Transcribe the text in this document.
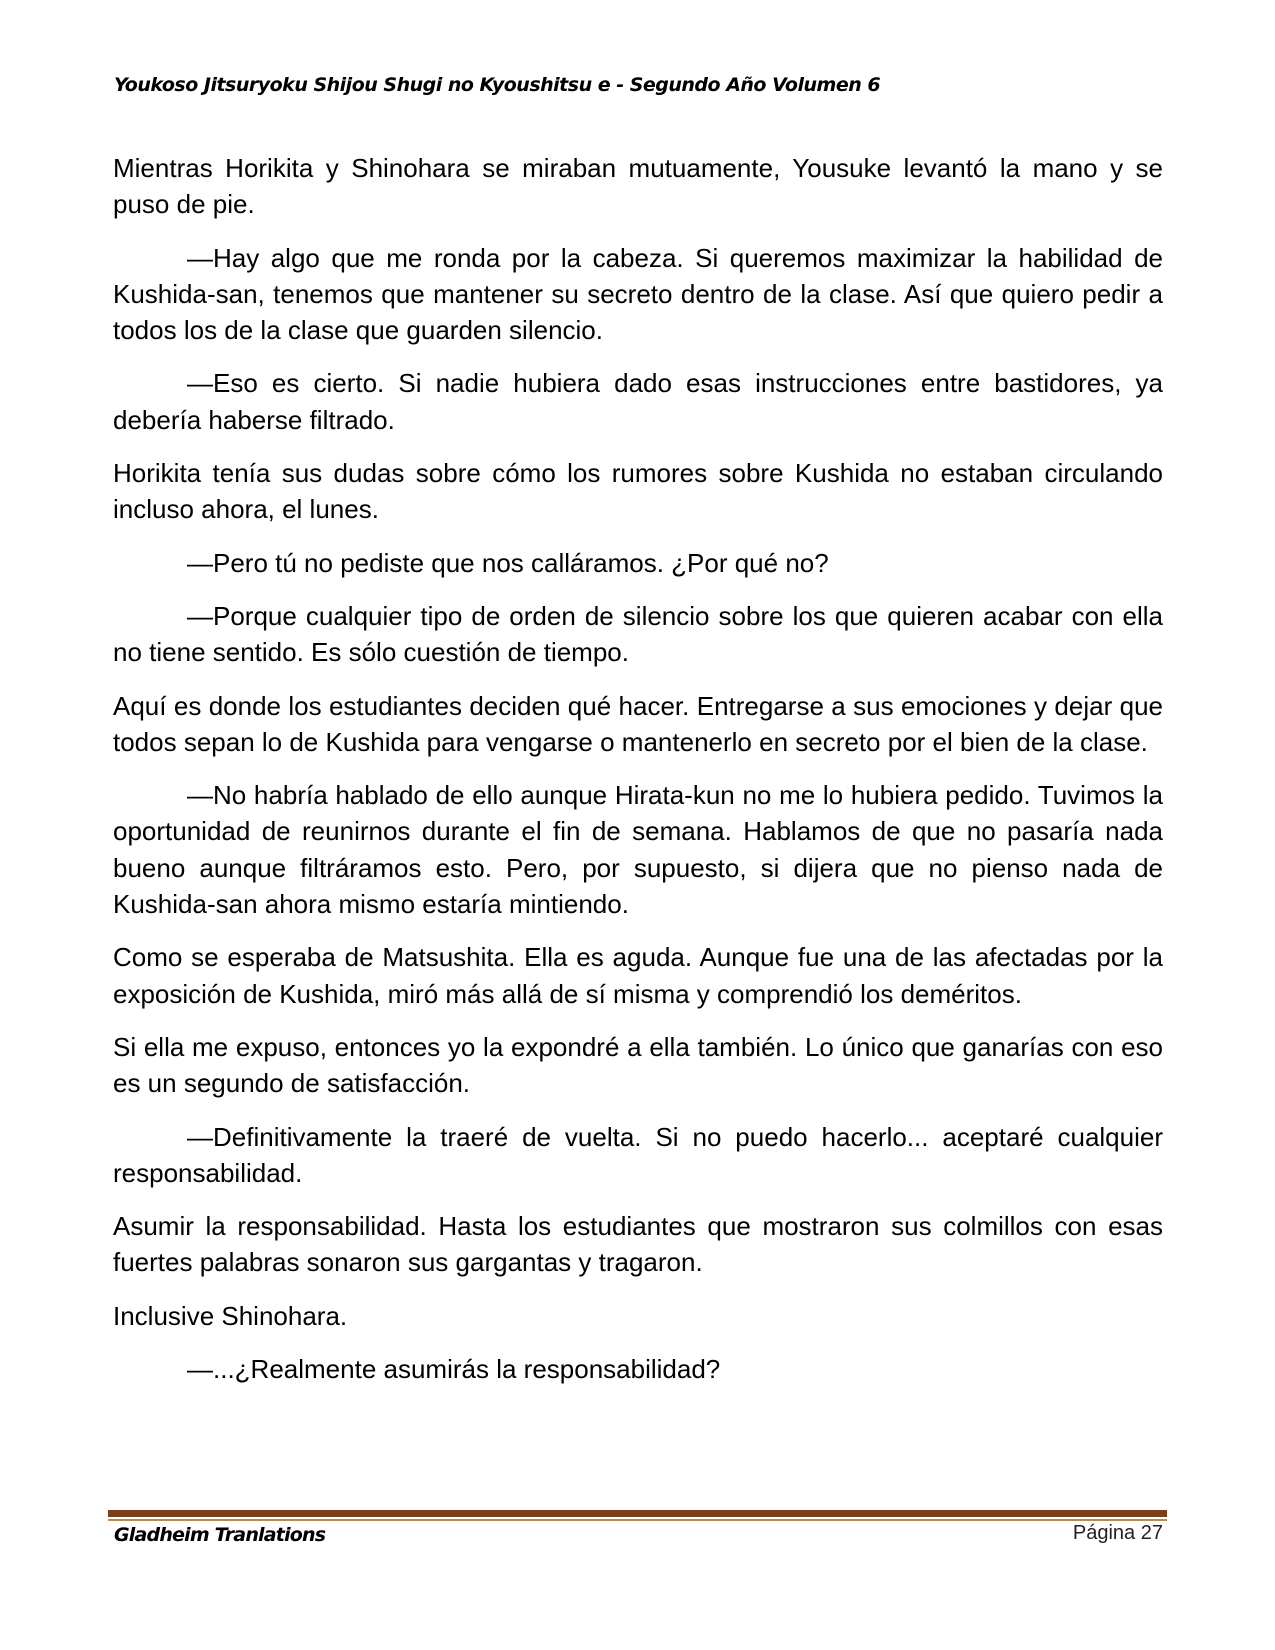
Youkoso Jitsuryoku Shijou Shugi no Kyoushitsu e - Segundo Año Volumen 6

Mientras Horikita y Shinohara se miraban mutuamente, Yousuke levantó la mano y se puso de pie.

—Hay algo que me ronda por la cabeza. Si queremos maximizar la habilidad de Kushida-san, tenemos que mantener su secreto dentro de la clase. Así que quiero pedir a todos los de la clase que guarden silencio.

—Eso es cierto. Si nadie hubiera dado esas instrucciones entre bastidores, ya debería haberse filtrado.

Horikita tenía sus dudas sobre cómo los rumores sobre Kushida no estaban circulando incluso ahora, el lunes.

—Pero tú no pediste que nos calláramos. ¿Por qué no?

—Porque cualquier tipo de orden de silencio sobre los que quieren acabar con ella no tiene sentido. Es sólo cuestión de tiempo.

Aquí es donde los estudiantes deciden qué hacer. Entregarse a sus emociones y dejar que todos sepan lo de Kushida para vengarse o mantenerlo en secreto por el bien de la clase.

—No habría hablado de ello aunque Hirata-kun no me lo hubiera pedido. Tuvimos la oportunidad de reunirnos durante el fin de semana. Hablamos de que no pasaría nada bueno aunque filtráramos esto. Pero, por supuesto, si dijera que no pienso nada de Kushida-san ahora mismo estaría mintiendo.

Como se esperaba de Matsushita. Ella es aguda. Aunque fue una de las afectadas por la exposición de Kushida, miró más allá de sí misma y comprendió los deméritos.

Si ella me expuso, entonces yo la expondré a ella también. Lo único que ganarías con eso es un segundo de satisfacción.

—Definitivamente la traeré de vuelta. Si no puedo hacerlo... aceptaré cualquier responsabilidad.

Asumir la responsabilidad. Hasta los estudiantes que mostraron sus colmillos con esas fuertes palabras sonaron sus gargantas y tragaron.

Inclusive Shinohara.

—...¿Realmente asumirás la responsabilidad?

Gladheim Tranlations	Página 27
